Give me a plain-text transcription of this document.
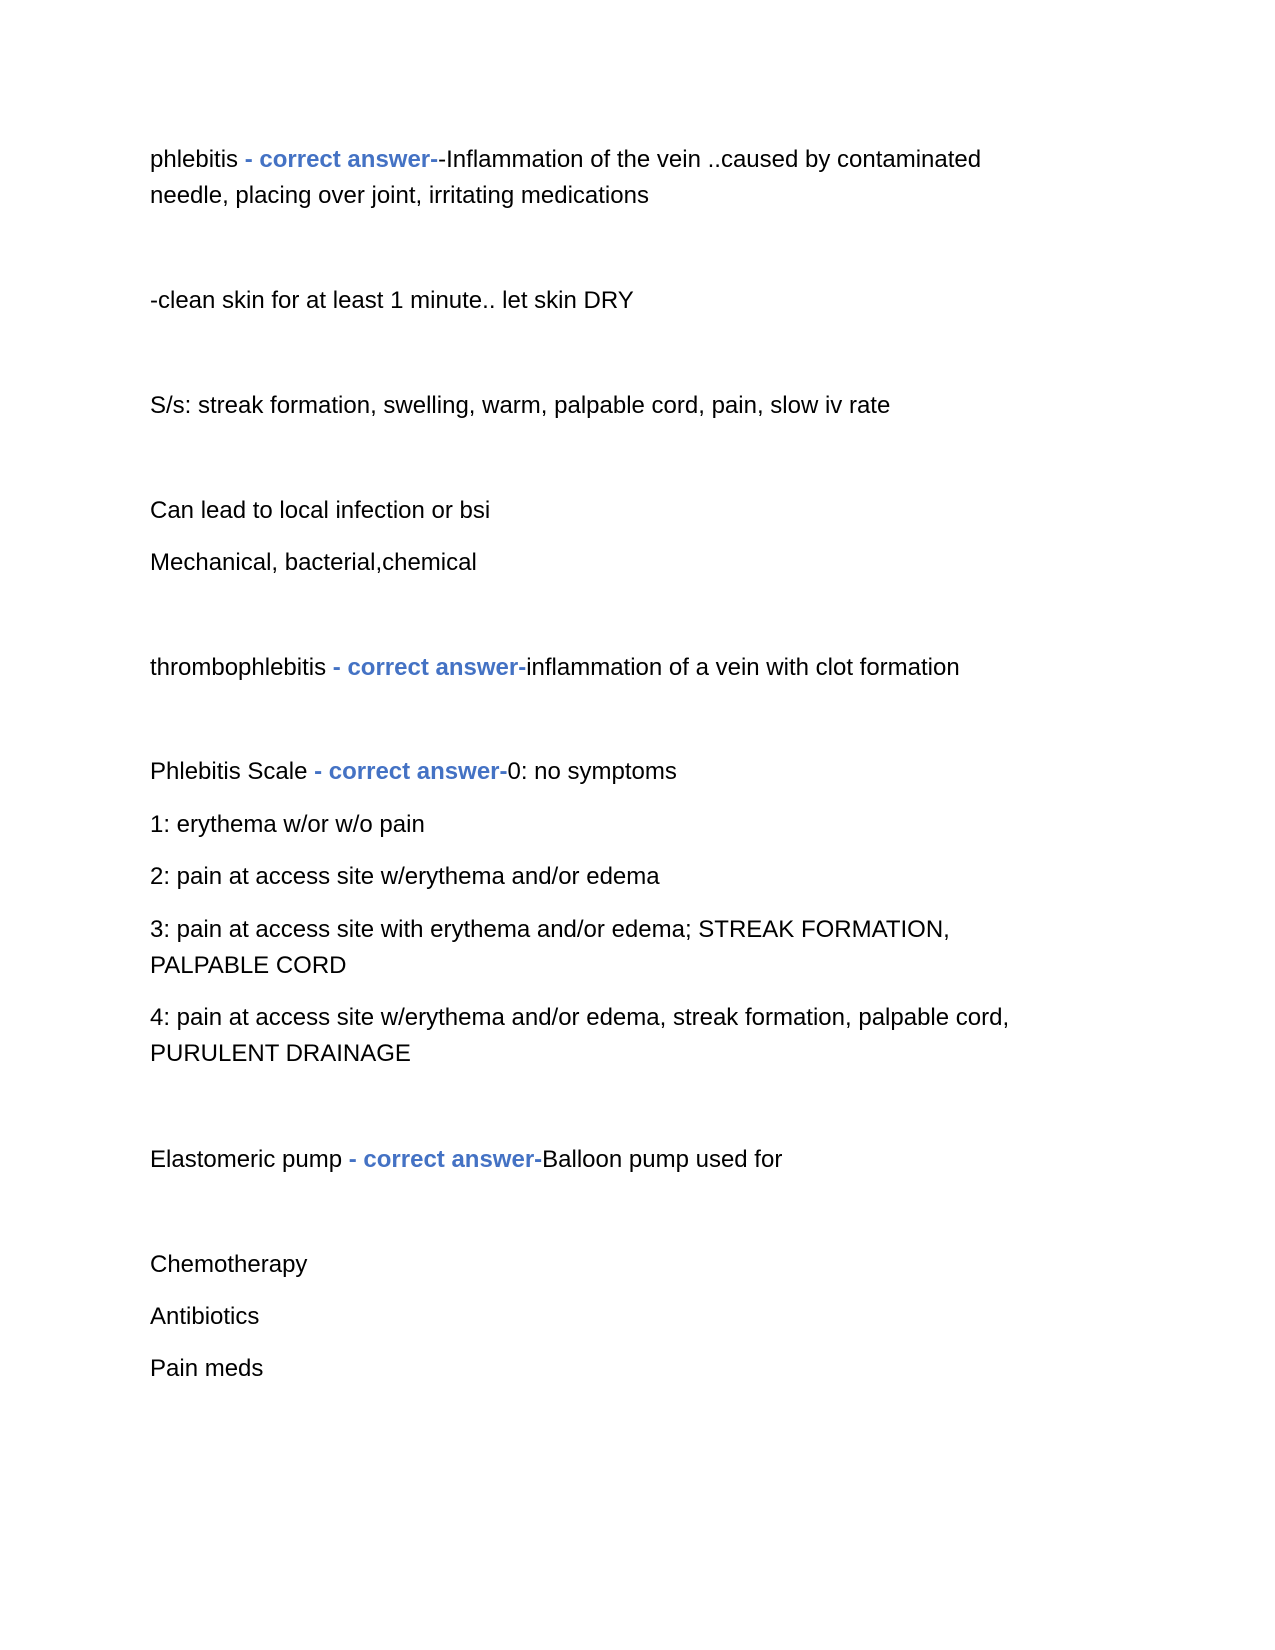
phlebitis - correct answer--Inflammation of the vein ..caused by contaminated
needle, placing over joint, irritating medications
-clean skin for at least 1 minute.. let skin DRY
S/s: streak formation, swelling, warm, palpable cord, pain, slow iv rate
Can lead to local infection or bsi
Mechanical, bacterial,chemical
thrombophlebitis - correct answer-inflammation of a vein with clot formation
Phlebitis Scale - correct answer-0: no symptoms
1: erythema w/or w/o pain
2: pain at access site w/erythema and/or edema
3: pain at access site with erythema and/or edema; STREAK FORMATION,
PALPABLE CORD
4: pain at access site w/erythema and/or edema, streak formation, palpable cord,
PURULENT DRAINAGE
Elastomeric pump - correct answer-Balloon pump used for
Chemotherapy
Antibiotics
Pain meds
